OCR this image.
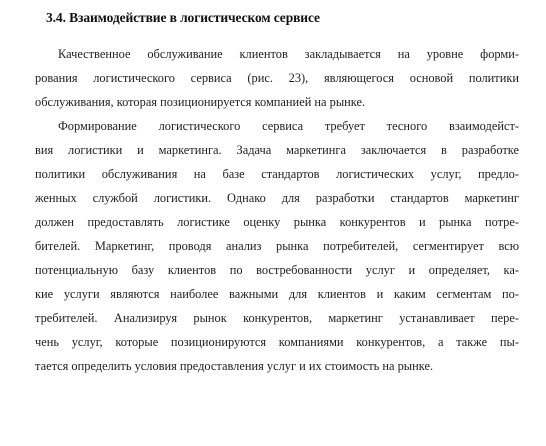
3.4. Взаимодействие в логистическом сервисе
Качественное обслуживание клиентов закладывается на уровне форми-
рования логистического сервиса (рис. 23), являющегося основой политики
обслуживания, которая позиционируется компанией на рынке.
Формирование логистического сервиса требует тесного взаимодейст-
вия логистики и маркетинга. Задача маркетинга заключается в разработке
политики обслуживания на базе стандартов логистических услуг, предло-
женных службой логистики. Однако для разработки стандартов маркетинг
должен предоставлять логистике оценку рынка конкурентов и рынка потре-
бителей. Маркетинг, проводя анализ рынка потребителей, сегментирует всю
потенциальную базу клиентов по востребованности услуг и определяет, ка-
кие услуги являются наиболее важными для клиентов и каким сегментам по-
требителей. Анализируя рынок конкурентов, маркетинг устанавливает пере-
чень услуг, которые позиционируются компаниями конкурентов, а также пы-
тается определить условия предоставления услуг и их стоимость на рынке.
